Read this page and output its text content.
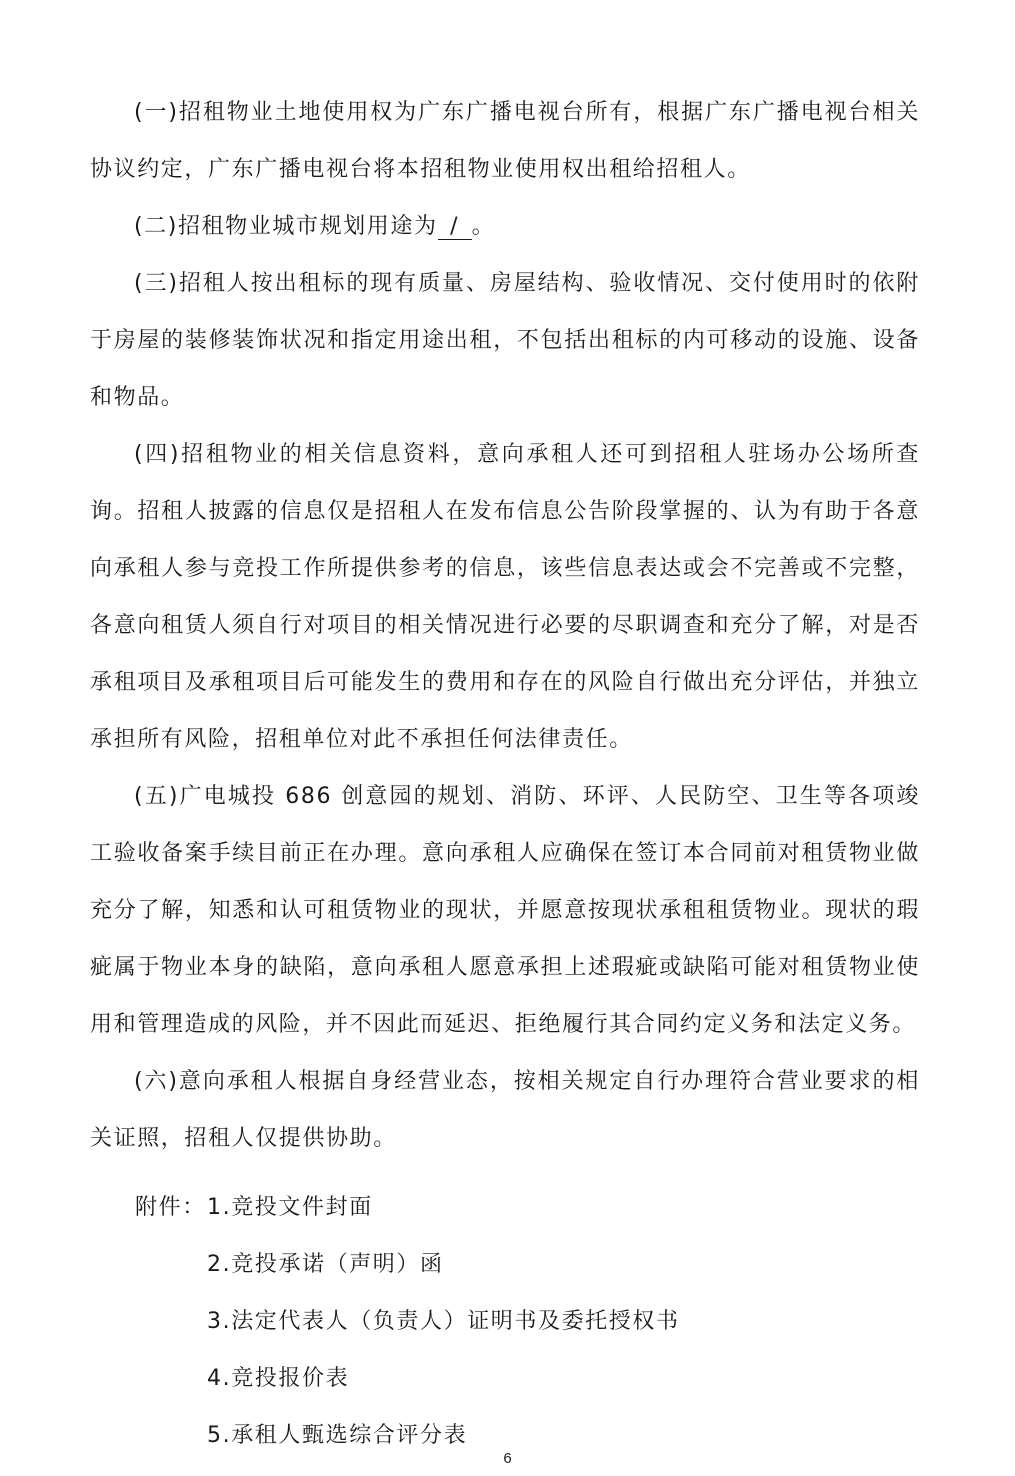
(一)招租物业土地使用权为广东广播电视台所有，根据广东广播电视台相关协议约定，广东广播电视台将本招租物业使用权出租给招租人。

(二)招租物业城市规划用途为 / 。

(三)招租人按出租标的现有质量、房屋结构、验收情况、交付使用时的依附于房屋的装修装饰状况和指定用途出租，不包括出租标的内可移动的设施、设备和物品。

(四)招租物业的相关信息资料，意向承租人还可到招租人驻场办公场所查询。招租人披露的信息仅是招租人在发布信息公告阶段掌握的、认为有助于各意向承租人参与竞投工作所提供参考的信息，该些信息表达或会不完善或不完整，各意向租赁人须自行对项目的相关情况进行必要的尽职调查和充分了解，对是否承租项目及承租项目后可能发生的费用和存在的风险自行做出充分评估，并独立承担所有风险，招租单位对此不承担任何法律责任。

(五)广电城投 686 创意园的规划、消防、环评、人民防空、卫生等各项竣工验收备案手续目前正在办理。意向承租人应确保在签订本合同前对租赁物业做充分了解，知悉和认可租赁物业的现状，并愿意按现状承租租赁物业。现状的瑕疵属于物业本身的缺陷，意向承租人愿意承担上述瑕疵或缺陷可能对租赁物业使用和管理造成的风险，并不因此而延迟、拒绝履行其合同约定义务和法定义务。

(六)意向承租人根据自身经营业态，按相关规定自行办理符合营业要求的相关证照，招租人仅提供协助。

附件：1.竞投文件封面
2.竞投承诺（声明）函
3.法定代表人（负责人）证明书及委托授权书
4.竞投报价表
5.承租人甄选综合评分表
6
